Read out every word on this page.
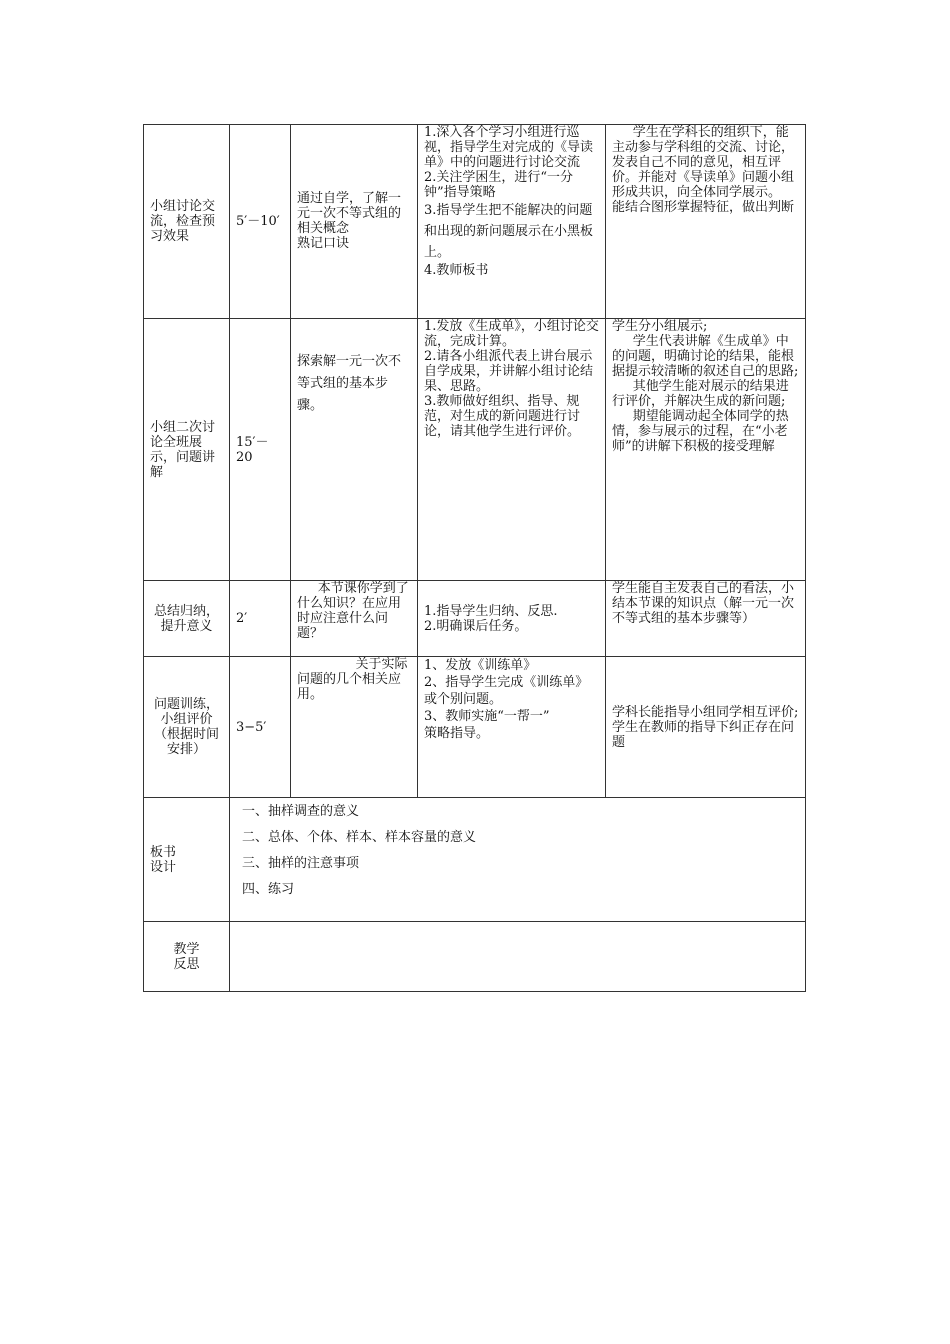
小组讨论交流，检查预习效果	5′－10′	通过自学，了解一元一次不等式组的相关概念
熟记口诀	1.深入各个学习小组进行巡视，指导学生对完成的《导读单》中的问题进行讨论交流
2.关注学困生，进行“一分钟”指导策略
3.指导学生把不能解决的问题和出现的新问题展示在小黑板上。
4.教师板书	学生在学科长的组织下，能主动参与学科组的交流、讨论，发表自己不同的意见，相互评价。并能对《导读单》问题小组形成共识，向全体同学展示。
能结合图形掌握特征，做出判断

小组二次讨论全班展示，问题讲解	15′－20	探索解一元一次不等式组的基本步骤。	1.发放《生成单》，小组讨论交流，完成计算。
2.请各小组派代表上讲台展示自学成果，并讲解小组讨论结果、思路。
3.教师做好组织、指导、规范，对生成的新问题进行讨论，请其他学生进行评价。	学生分小组展示;
学生代表讲解《生成单》中的问题，明确讨论的结果，能根据提示较清晰的叙述自己的思路;
其他学生能对展示的结果进行评价，并解决生成的新问题;
期望能调动起全体同学的热情，参与展示的过程，在“小老师”的讲解下积极的接受理解

总结归纳，提升意义	2′	本节课你学到了什么知识？在应用时应注意什么问题？	1.指导学生归纳、反思.
2.明确课后任务。	学生能自主发表自己的看法，小结本节课的知识点（解一元一次不等式组的基本步骤等）

问题训练，小组评价（根据时间安排）	3−5′	关于实际问题的几个相关应用。	1、发放《训练单》
2、指导学生完成《训练单》或个别问题。
3、教师实施“一帮一”
策略指导。	学科长能指导小组同学相互评价;
学生在教师的指导下纠正存在问题

板书设计	一、抽样调查的意义
二、总体、个体、样本、样本容量的意义
三、抽样的注意事项
四、练习			

教学反思				
